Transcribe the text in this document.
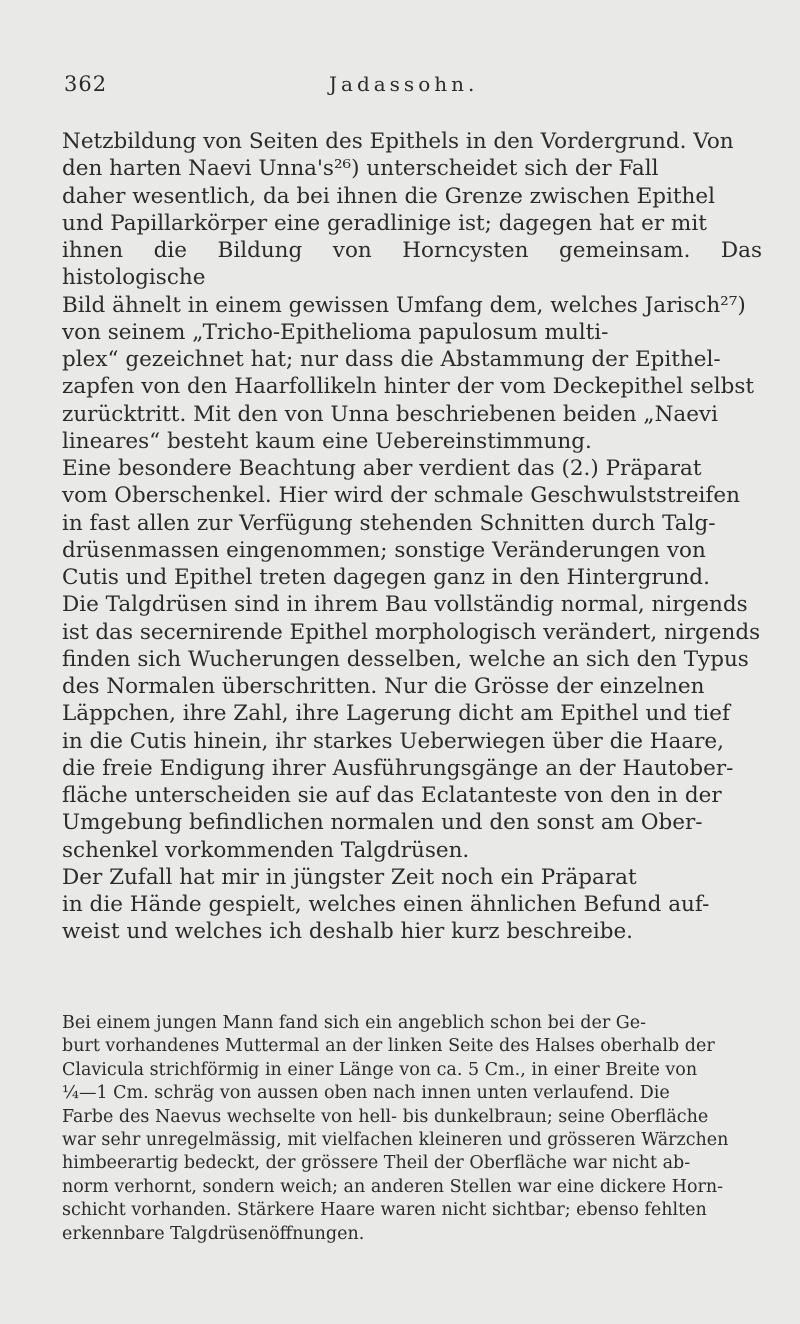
362	Jadassohn.

Netzbildung von Seiten des Epithels in den Vordergrund. Von
den harten Naevi Unna's²⁶) unterscheidet sich der Fall
daher wesentlich, da bei ihnen die Grenze zwischen Epithel
und Papillarkörper eine geradlinige ist; dagegen hat er mit
ihnen die Bildung von Horncysten gemeinsam. Das histologische
Bild ähnelt in einem gewissen Umfang dem, welches Jarisch²⁷)
von seinem „Tricho-Epithelioma papulosum multi-
plex“ gezeichnet hat; nur dass die Abstammung der Epithel-
zapfen von den Haarfollikeln hinter der vom Deckepithel selbst
zurücktritt. Mit den von Unna beschriebenen beiden „Naevi
lineares“ besteht kaum eine Uebereinstimmung.

Eine besondere Beachtung aber verdient das (2.) Präparat
vom Oberschenkel. Hier wird der schmale Geschwulststreifen
in fast allen zur Verfügung stehenden Schnitten durch Talg-
drüsenmassen eingenommen; sonstige Veränderungen von
Cutis und Epithel treten dagegen ganz in den Hintergrund.
Die Talgdrüsen sind in ihrem Bau vollständig normal, nirgends
ist das secernirende Epithel morphologisch verändert, nirgends
finden sich Wucherungen desselben, welche an sich den Typus
des Normalen überschritten. Nur die Grösse der einzelnen
Läppchen, ihre Zahl, ihre Lagerung dicht am Epithel und tief
in die Cutis hinein, ihr starkes Ueberwiegen über die Haare,
die freie Endigung ihrer Ausführungsgänge an der Hautober-
fläche unterscheiden sie auf das Eclatanteste von den in der
Umgebung befindlichen normalen und den sonst am Ober-
schenkel vorkommenden Talgdrüsen.

Der Zufall hat mir in jüngster Zeit noch ein Präparat
in die Hände gespielt, welches einen ähnlichen Befund auf-
weist und welches ich deshalb hier kurz beschreibe.

Bei einem jungen Mann fand sich ein angeblich schon bei der Ge-
burt vorhandenes Muttermal an der linken Seite des Halses oberhalb der
Clavicula strichförmig in einer Länge von ca. 5 Cm., in einer Breite von
¼—1 Cm. schräg von aussen oben nach innen unten verlaufend. Die
Farbe des Naevus wechselte von hell- bis dunkelbraun; seine Oberfläche
war sehr unregelmässig, mit vielfachen kleineren und grösseren Wärzchen
himbeerartig bedeckt, der grössere Theil der Oberfläche war nicht ab-
norm verhornt, sondern weich; an anderen Stellen war eine dickere Horn-
schicht vorhanden. Stärkere Haare waren nicht sichtbar; ebenso fehlten
erkennbare Talgdrüsenöffnungen.
